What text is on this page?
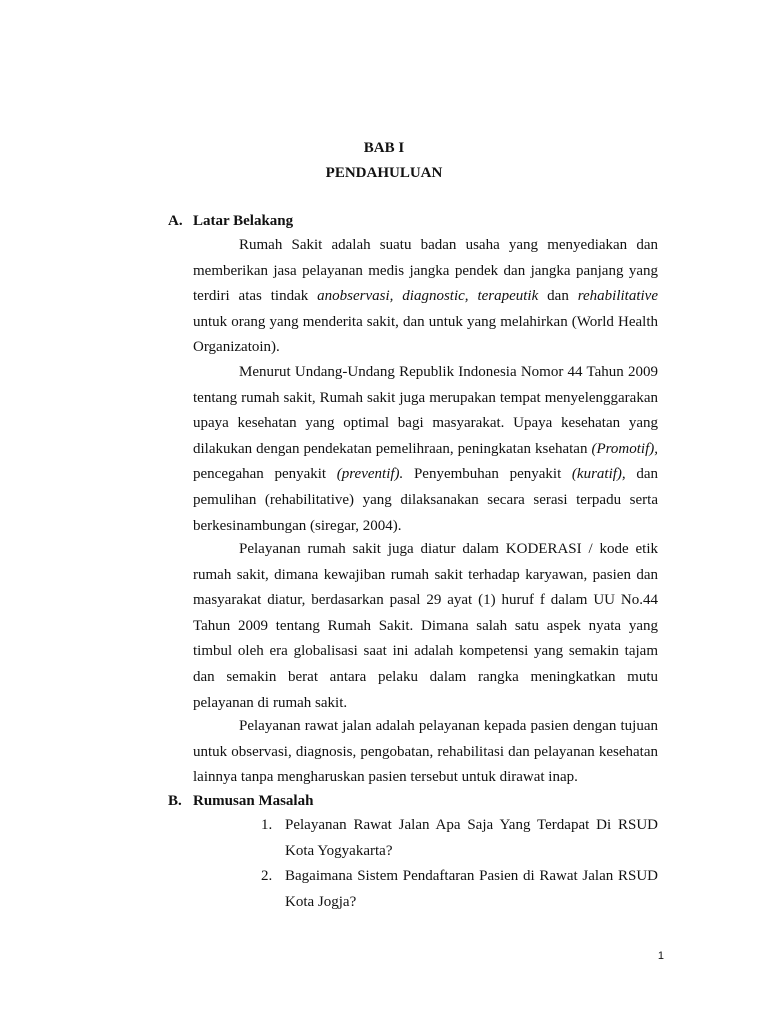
BAB I

PENDAHULUAN

A. Latar Belakang

Rumah Sakit adalah suatu badan usaha yang menyediakan dan memberikan jasa pelayanan medis jangka pendek dan jangka panjang yang terdiri atas tindak anobservasi, diagnostic, terapeutik dan rehabilitative untuk orang yang menderita sakit, dan untuk yang melahirkan (World Health Organizatoin).

Menurut Undang-Undang Republik Indonesia Nomor 44 Tahun 2009 tentang rumah sakit, Rumah sakit juga merupakan tempat menyelenggarakan upaya kesehatan yang optimal bagi masyarakat. Upaya kesehatan yang dilakukan dengan pendekatan pemelihraan, peningkatan ksehatan (Promotif), pencegahan penyakit (preventif). Penyembuhan penyakit (kuratif), dan pemulihan (rehabilitative) yang dilaksanakan secara serasi terpadu serta berkesinambungan (siregar, 2004).

Pelayanan rumah sakit juga diatur dalam KODERASI / kode etik rumah sakit, dimana kewajiban rumah sakit terhadap karyawan, pasien dan masyarakat diatur, berdasarkan pasal 29 ayat (1) huruf f dalam UU No.44 Tahun 2009 tentang Rumah Sakit. Dimana salah satu aspek nyata yang timbul oleh era globalisasi saat ini adalah kompetensi yang semakin tajam dan semakin berat antara pelaku dalam rangka meningkatkan mutu pelayanan di rumah sakit.

Pelayanan rawat jalan adalah pelayanan kepada pasien dengan tujuan untuk observasi, diagnosis, pengobatan, rehabilitasi dan pelayanan kesehatan lainnya tanpa mengharuskan pasien tersebut untuk dirawat inap.

B. Rumusan Masalah

1. Pelayanan Rawat Jalan Apa Saja Yang Terdapat Di RSUD Kota Yogyakarta?
2. Bagaimana Sistem Pendaftaran Pasien di Rawat Jalan RSUD Kota Jogja?

1
